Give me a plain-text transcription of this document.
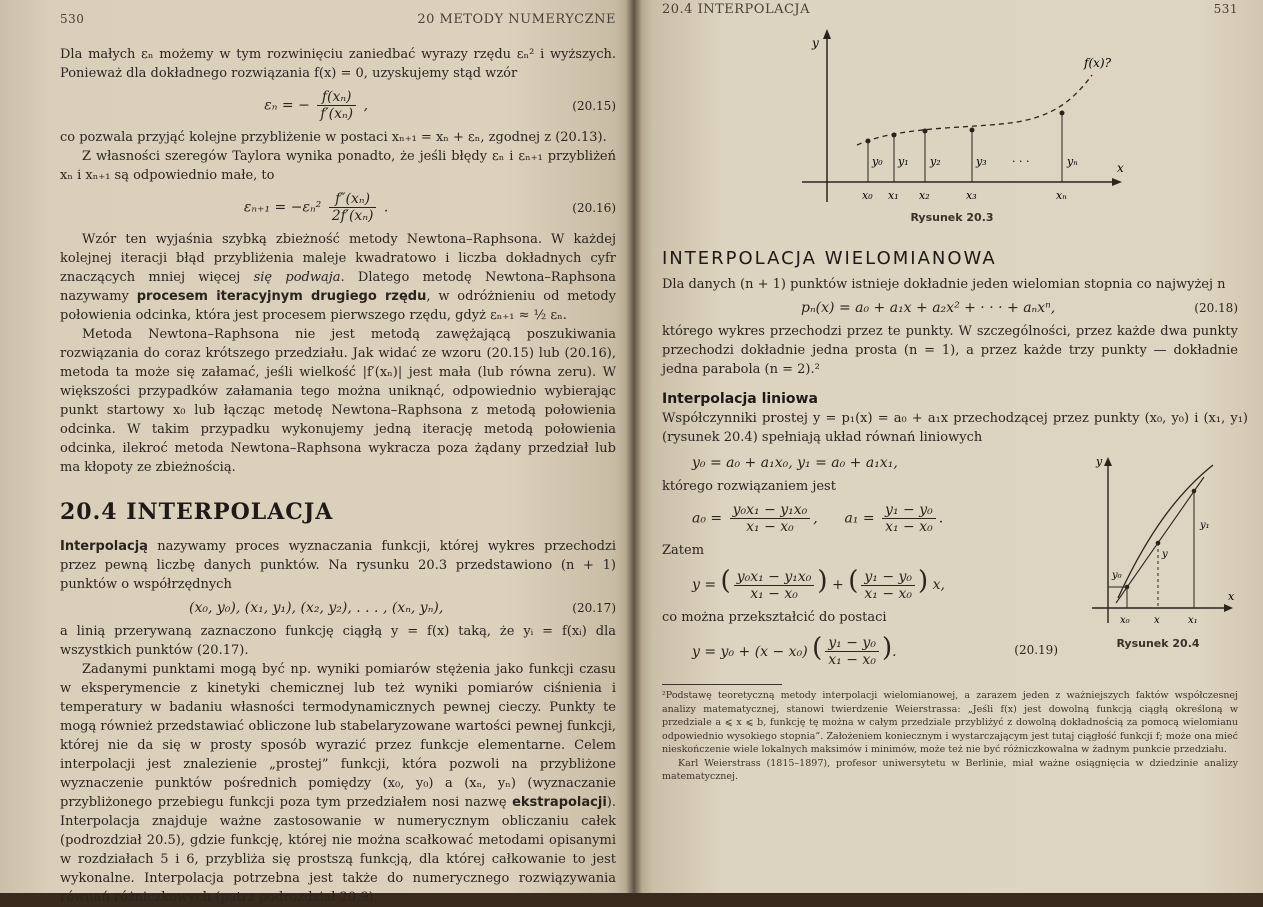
530	20 METODY NUMERYCZNE

Dla małych εₙ możemy w tym rozwinięciu zaniedbać wyrazy rzędu εₙ² i wyższych. Ponieważ dla dokładnego rozwiązania f(x) = 0, uzyskujemy stąd wzór

εₙ = − $\frac{\text{f(xₙ)}}{\text{f′(xₙ)}}$ ,	(20.15)

co pozwala przyjąć kolejne przybliżenie w postaci xₙ₊₁ = xₙ + εₙ, zgodnej z (20.13).

Z własności szeregów Taylora wynika ponadto, że jeśli błędy εₙ i εₙ₊₁ przybliżeń xₙ i xₙ₊₁ są odpowiednio małe, to

$\varepsilon_{n+1} = -\varepsilon_n^2 \frac{\text{f″(xₙ)}}{\text{2f′(xₙ)}}$ .	(20.16)

Wzór ten wyjaśnia szybką zbieżność metody Newtona–Raphsona. W każdej kolejnej iteracji błąd przybliżenia maleje kwadratowo i liczba dokładnych cyfr znaczących mniej więcej się podwaja. Dlatego metodę Newtona–Raphsona nazywamy procesem iteracyjnym drugiego rzędu, w odróżnieniu od metody połowienia odcinka, która jest procesem pierwszego rzędu, gdyż εₙ₊₁ ≈ ½ εₙ.

Metoda Newtona–Raphsona nie jest metodą zawężającą poszukiwania rozwiązania do coraz krótszego przedziału. Jak widać ze wzoru (20.15) lub (20.16), metoda ta może się załamać, jeśli wielkość |f′(xₙ)| jest mała (lub równa zeru). W większości przypadków załamania tego można uniknąć, odpowiednio wybierając punkt startowy x₀ lub łącząc metodę Newtona–Raphsona z metodą połowienia odcinka. W takim przypadku wykonujemy jedną iterację metodą połowienia odcinka, ilekroć metoda Newtona–Raphsona wykracza poza żądany przedział lub ma kłopoty ze zbieżnością.

20.4 INTERPOLACJA

Interpolacją nazywamy proces wyznaczania funkcji, której wykres przechodzi przez pewną liczbę danych punktów. Na rysunku 20.3 przedstawiono (n + 1) punktów o współrzędnych

(x₀, y₀), (x₁, y₁), (x₂, y₂), . . . , (xₙ, yₙ),	(20.17)

a linią przerywaną zaznaczono funkcję ciągłą y = f(x) taką, że yᵢ = f(xᵢ) dla wszystkich punktów (20.17).

Zadanymi punktami mogą być np. wyniki pomiarów stężenia jako funkcji czasu w eksperymencie z kinetyki chemicznej lub też wyniki pomiarów ciśnienia i temperatury w badaniu własności termodynamicznych pewnej cieczy. Punkty te mogą również przedstawiać obliczone lub stabelaryzowane wartości pewnej funkcji, której nie da się w prosty sposób wyrazić przez funkcje elementarne. Celem interpolacji jest znalezienie „prostej” funkcji, która pozwoli na przybliżone wyznaczenie punktów pośrednich pomiędzy (x₀, y₀) a (xₙ, yₙ) (wyznaczanie przybliżonego przebiegu funkcji poza tym przedziałem nosi nazwę ekstrapolacji). Interpolacja znajduje ważne zastosowanie w numerycznym obliczaniu całek (podrozdział 20.5), gdzie funkcję, której nie można scałkować metodami opisanymi w rozdziałach 5 i 6, przybliża się prostszą funkcją, dla której całkowanie to jest wykonalne. Interpolacja potrzebna jest także do numerycznego rozwiązywania równań różniczkowych (patrz podrozdział 20.9).

20.4 INTERPOLACJA	531
y
x
f(x)?
y₀ y₁ y₂	y₃ · · ·	yₙ
x₀ x₁ x₂	x₃	xₙ
Rysunek 20.3
INTERPOLACJA WIELOMIANOWA

Dla danych (n + 1) punktów istnieje dokładnie jeden wielomian stopnia co najwyżej n

pₙ(x) = a₀ + a₁x + a₂x² + · · · + aₙxⁿ,	(20.18)

którego wykres przechodzi przez te punkty. W szczególności, przez każde dwa punkty przechodzi dokładnie jedna prosta (n = 1), a przez każde trzy punkty — dokładnie jedna parabola (n = 2).²

Interpolacja liniowa

Współczynniki prostej y = p₁(x) = a₀ + a₁x przechodzącej przez punkty (x₀, y₀) i (x₁, y₁) (rysunek 20.4) spełniają układ równań liniowych

y₀ = a₀ + a₁x₀, y₁ = a₀ + a₁x₁,

którego rozwiązaniem jest

$a_0 = \frac{\text{y₀x₁ − y₁x₀}}{\text{x₁ − x₀}}$ ,      $a_1 = \frac{\text{y₁ − y₀}}{\text{x₁ − x₀}}$ .

Zatem

y = ( $\frac{\text{y₀x₁ − y₁x₀}}{\text{x₁ − x₀}}$ ) + ( $\frac{\text{y₁ − y₀}}{\text{x₁ − x₀}}$ ) x,

co można przekształcić do postaci

y = y₀ + (x − x₀) ( $\frac{\text{y₁ − y₀}}{\text{x₁ − x₀}}$ ).	(20.19)
y
x
y₁
y
y₀
x₀ x	x₁
Rysunek 20.4

²Podstawę teoretyczną metody interpolacji wielomianowej, a zarazem jeden z ważniejszych faktów współczesnej analizy matematycznej, stanowi twierdzenie Weierstrassa: „Jeśli f(x) jest dowolną funkcją ciągłą określoną w przedziale a ⩽ x ⩽ b, funkcję tę można w całym przedziale przybliżyć z dowolną dokładnością za pomocą wielomianu odpowiednio wysokiego stopnia”. Założeniem koniecznym i wystarczającym jest tutaj ciągłość funkcji f; może ona mieć nieskończenie wiele lokalnych maksimów i minimów, może też nie być różniczkowalna w żadnym punkcie przedziału.

Karl Weierstrass (1815–1897), profesor uniwersytetu w Berlinie, miał ważne osiągnięcia w dziedzinie analizy matematycznej.
